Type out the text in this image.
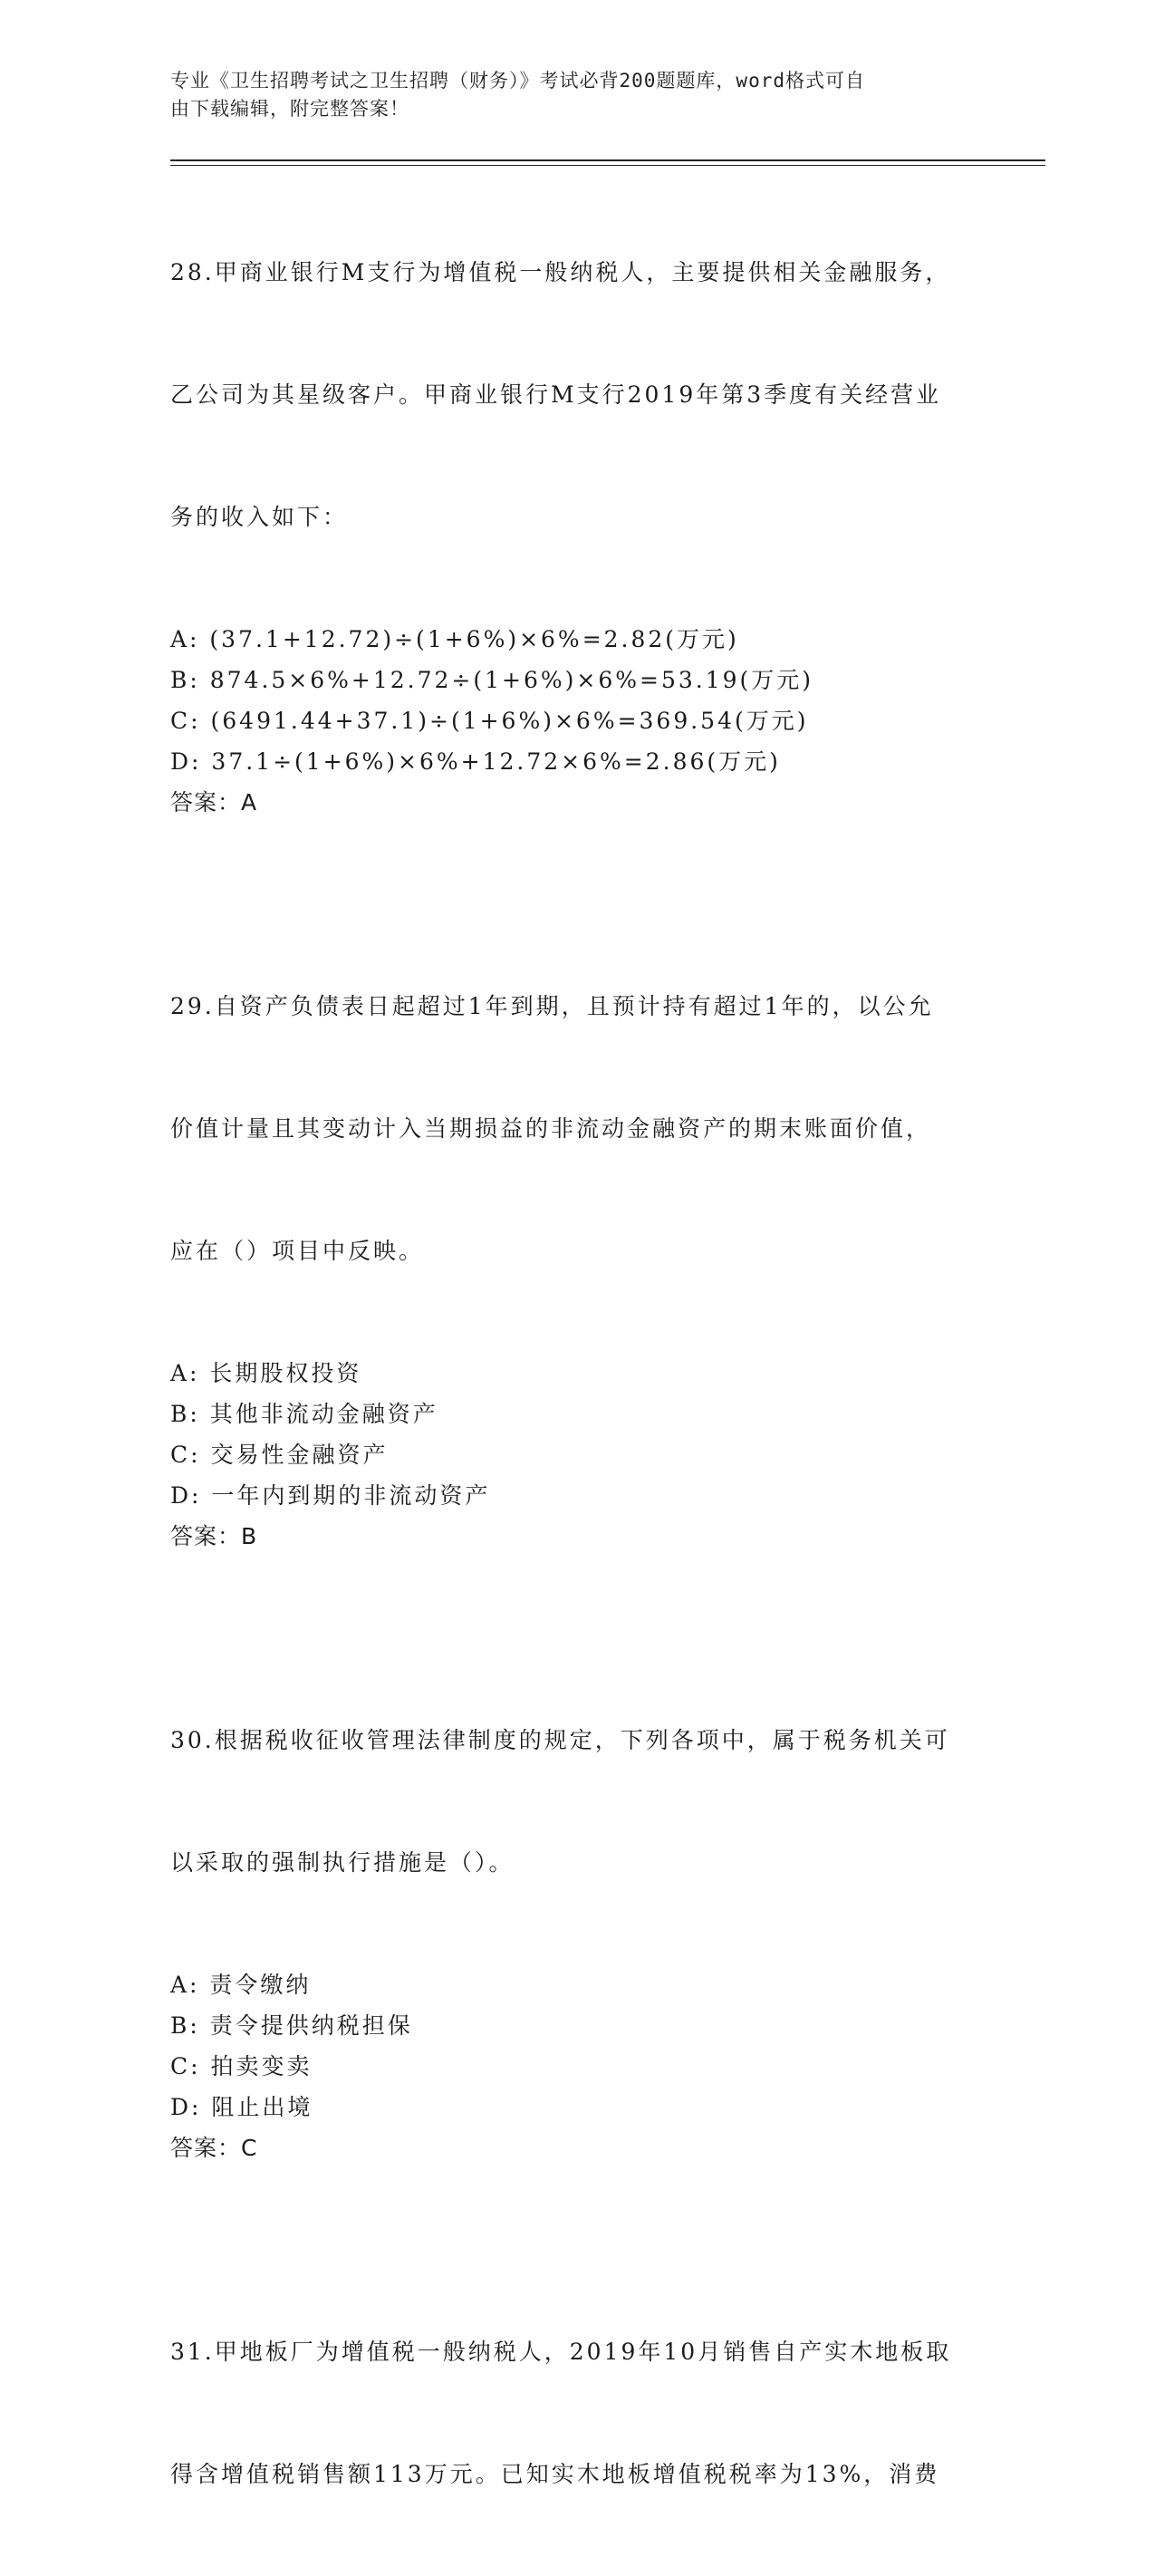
专业《卫生招聘考试之卫生招聘（财务）》考试必背200题题库，word格式可自
由下载编辑，附完整答案！

28.甲商业银行M支行为增值税一般纳税人，主要提供相关金融服务，

乙公司为其星级客户。甲商业银行M支行2019年第3季度有关经营业

务的收入如下：

A: (37.1+12.72)÷(1+6%)×6%=2.82(万元)
B: 874.5×6%+12.72÷(1+6%)×6%=53.19(万元)
C: (6491.44+37.1)÷(1+6%)×6%=369.54(万元)
D: 37.1÷(1+6%)×6%+12.72×6%=2.86(万元)
答案：A

29.自资产负债表日起超过1年到期，且预计持有超过1年的，以公允

价值计量且其变动计入当期损益的非流动金融资产的期末账面价值，

应在（）项目中反映。

A: 长期股权投资
B: 其他非流动金融资产
C: 交易性金融资产
D: 一年内到期的非流动资产
答案：B

30.根据税收征收管理法律制度的规定，下列各项中，属于税务机关可

以采取的强制执行措施是（）。

A: 责令缴纳
B: 责令提供纳税担保
C: 拍卖变卖
D: 阻止出境
答案：C

31.甲地板厂为增值税一般纳税人，2019年10月销售自产实木地板取

得含增值税销售额113万元。已知实木地板增值税税率为13%，消费
